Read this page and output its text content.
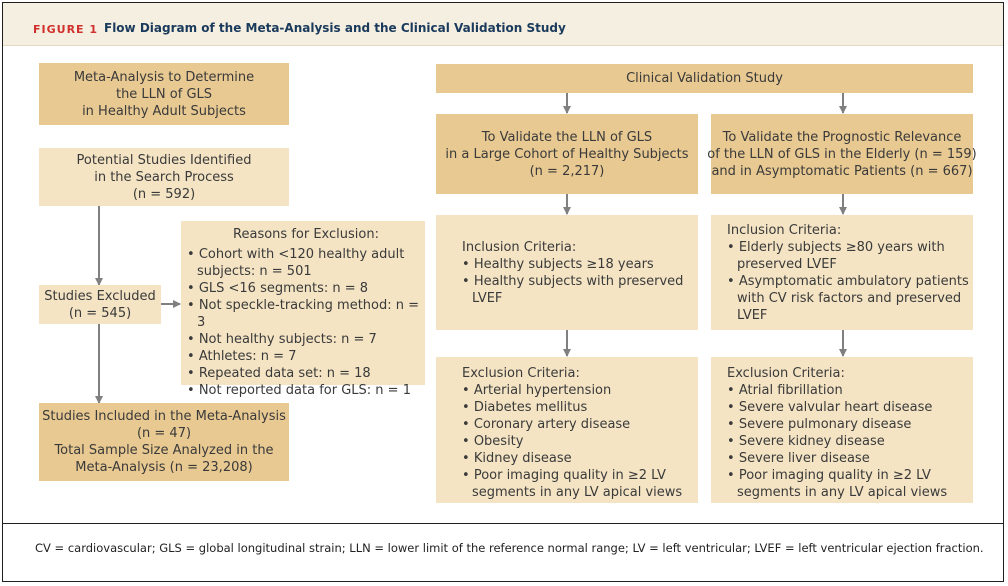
FIGURE 1 Flow Diagram of the Meta-Analysis and the Clinical Validation Study
Meta-Analysis to Determine
the LLN of GLS
in Healthy Adult Subjects
Potential Studies Identified
in the Search Process
(n = 592)
Studies Excluded
(n = 545)
Reasons for Exclusion:
• Cohort with <120 healthy adult
subjects: n = 501
• GLS <16 segments: n = 8
• Not speckle-tracking method: n = 3
• Not healthy subjects: n = 7
• Athletes: n = 7
• Repeated data set: n = 18
• Not reported data for GLS: n = 1
Studies Included in the Meta-Analysis
(n = 47)
Total Sample Size Analyzed in the
Meta-Analysis (n = 23,208)
Clinical Validation Study
To Validate the LLN of GLS
in a Large Cohort of Healthy Subjects
(n = 2,217)
To Validate the Prognostic Relevance
of the LLN of GLS in the Elderly (n = 159)
and in Asymptomatic Patients (n = 667)
Inclusion Criteria:
• Healthy subjects ≥18 years
• Healthy subjects with preserved
LVEF
Inclusion Criteria:
• Elderly subjects ≥80 years with
preserved LVEF
• Asymptomatic ambulatory patients
with CV risk factors and preserved
LVEF
Exclusion Criteria:
• Arterial hypertension
• Diabetes mellitus
• Coronary artery disease
• Obesity
• Kidney disease
• Poor imaging quality in ≥2 LV
segments in any LV apical views
Exclusion Criteria:
• Atrial fibrillation
• Severe valvular heart disease
• Severe pulmonary disease
• Severe kidney disease
• Severe liver disease
• Poor imaging quality in ≥2 LV
segments in any LV apical views
CV = cardiovascular; GLS = global longitudinal strain; LLN = lower limit of the reference normal range; LV = left ventricular; LVEF = left ventricular ejection fraction.
